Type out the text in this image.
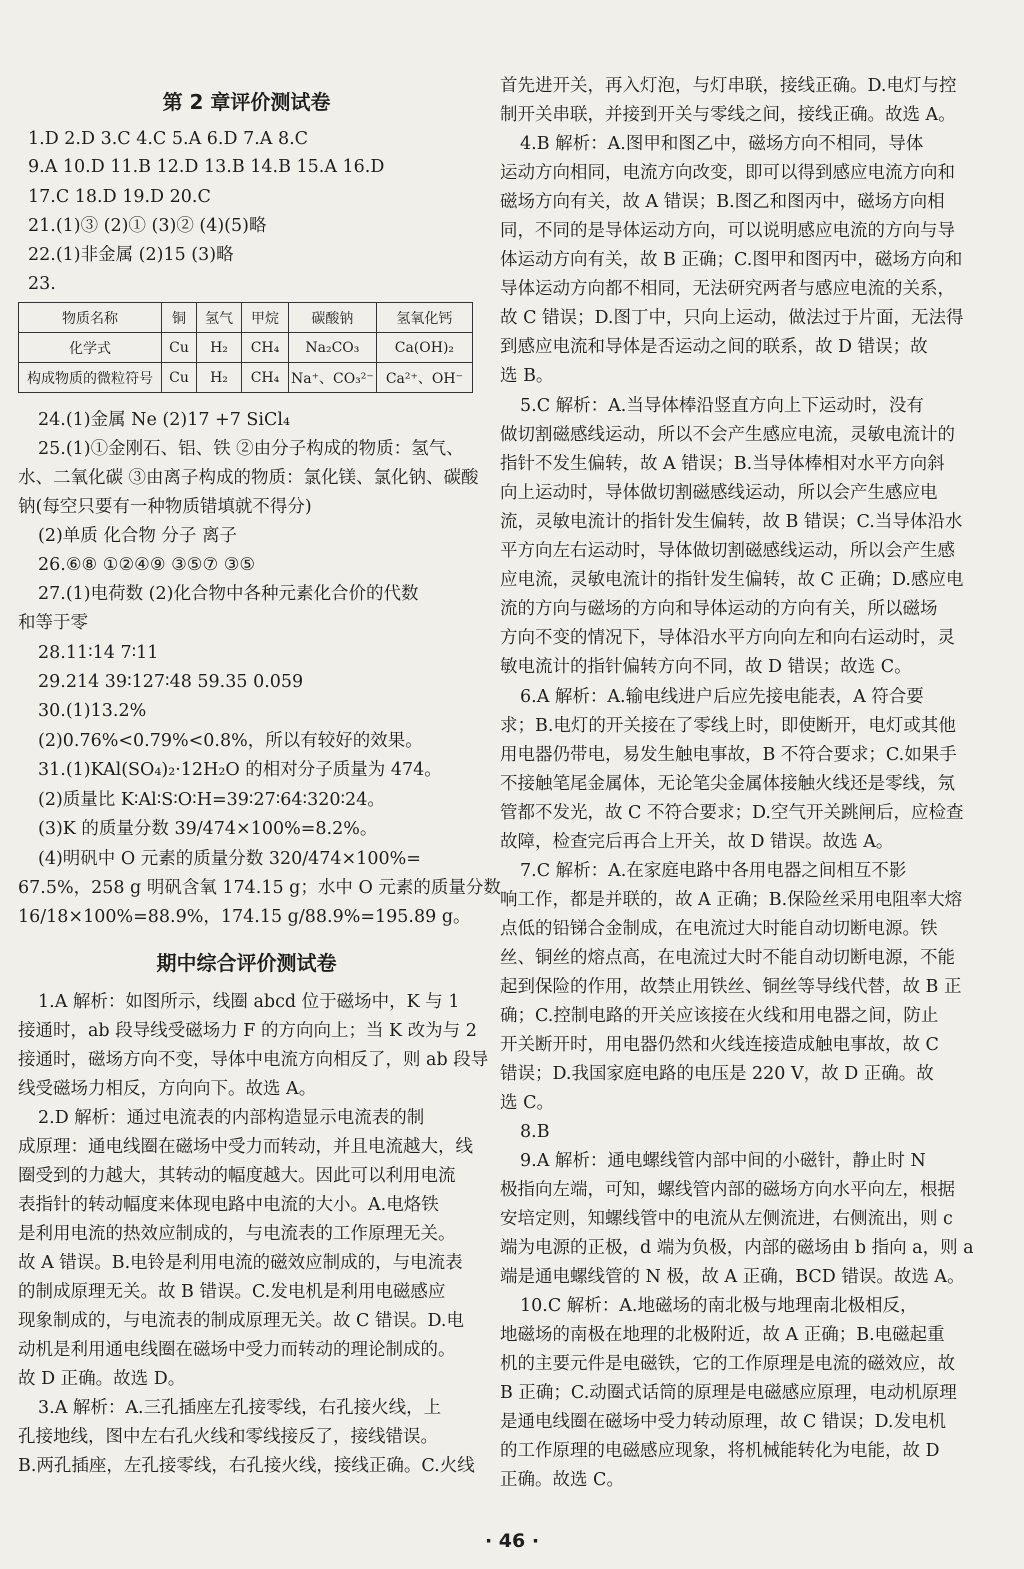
第 2 章评价测试卷
1.D 2.D 3.C 4.C 5.A 6.D 7.A 8.C
9.A 10.D 11.B 12.D 13.B 14.B 15.A 16.D
17.C 18.D 19.D 20.C
21.(1)③ (2)① (3)② (4)(5)略
22.(1)非金属 (2)15 (3)略
23.
物质名称	铜	氢气	甲烷	碳酸钠	氢氧化钙
化学式	Cu	H₂	CH₄	Na₂CO₃	Ca(OH)₂
构成物质的微粒符号	Cu	H₂	CH₄	Na⁺、CO₃²⁻	Ca²⁺、OH⁻
24.(1)金属 Ne (2)17 +7 SiCl₄
25.(1)①金刚石、铝、铁 ②由分子构成的物质：氢气、
水、二氧化碳 ③由离子构成的物质：氯化镁、氯化钠、碳酸
钠(每空只要有一种物质错填就不得分)
(2)单质 化合物 分子 离子
26.⑥⑧ ①②④⑨ ③⑤⑦ ③⑤
27.(1)电荷数 (2)化合物中各种元素化合价的代数
和等于零
28.11∶14 7∶11
29.214 39∶127∶48 59.35 0.059
30.(1)13.2%
(2)0.76%<0.79%<0.8%，所以有较好的效果。
31.(1)KAl(SO₄)₂·12H₂O 的相对分子质量为 474。
(2)质量比 K∶Al∶S∶O∶H=39∶27∶64∶320∶24。
(3)K 的质量分数 39/474×100%=8.2%。
(4)明矾中 O 元素的质量分数 320/474×100%=
67.5%，258 g 明矾含氧 174.15 g；水中 O 元素的质量分数
16/18×100%=88.9%，174.15 g/88.9%=195.89 g。
期中综合评价测试卷
1.A 解析：如图所示，线圈 abcd 位于磁场中，K 与 1
接通时，ab 段导线受磁场力 F 的方向向上；当 K 改为与 2
接通时，磁场方向不变，导体中电流方向相反了，则 ab 段导
线受磁场力相反，方向向下。故选 A。
2.D 解析：通过电流表的内部构造显示电流表的制
成原理：通电线圈在磁场中受力而转动，并且电流越大，线
圈受到的力越大，其转动的幅度越大。因此可以利用电流
表指针的转动幅度来体现电路中电流的大小。A.电烙铁
是利用电流的热效应制成的，与电流表的工作原理无关。
故 A 错误。B.电铃是利用电流的磁效应制成的，与电流表
的制成原理无关。故 B 错误。C.发电机是利用电磁感应
现象制成的，与电流表的制成原理无关。故 C 错误。D.电
动机是利用通电线圈在磁场中受力而转动的理论制成的。
故 D 正确。故选 D。
3.A 解析：A.三孔插座左孔接零线，右孔接火线，上
孔接地线，图中左右孔火线和零线接反了，接线错误。
B.两孔插座，左孔接零线，右孔接火线，接线正确。C.火线
首先进开关，再入灯泡，与灯串联，接线正确。D.电灯与控
制开关串联，并接到开关与零线之间，接线正确。故选 A。
4.B 解析：A.图甲和图乙中，磁场方向不相同，导体
运动方向相同，电流方向改变，即可以得到感应电流方向和
磁场方向有关，故 A 错误；B.图乙和图丙中，磁场方向相
同，不同的是导体运动方向，可以说明感应电流的方向与导
体运动方向有关，故 B 正确；C.图甲和图丙中，磁场方向和
导体运动方向都不相同，无法研究两者与感应电流的关系，
故 C 错误；D.图丁中，只向上运动，做法过于片面，无法得
到感应电流和导体是否运动之间的联系，故 D 错误；故
选 B。
5.C 解析：A.当导体棒沿竖直方向上下运动时，没有
做切割磁感线运动，所以不会产生感应电流，灵敏电流计的
指针不发生偏转，故 A 错误；B.当导体棒相对水平方向斜
向上运动时，导体做切割磁感线运动，所以会产生感应电
流，灵敏电流计的指针发生偏转，故 B 错误；C.当导体沿水
平方向左右运动时，导体做切割磁感线运动，所以会产生感
应电流，灵敏电流计的指针发生偏转，故 C 正确；D.感应电
流的方向与磁场的方向和导体运动的方向有关，所以磁场
方向不变的情况下，导体沿水平方向向左和向右运动时，灵
敏电流计的指针偏转方向不同，故 D 错误；故选 C。
6.A 解析：A.输电线进户后应先接电能表，A 符合要
求；B.电灯的开关接在了零线上时，即使断开，电灯或其他
用电器仍带电，易发生触电事故，B 不符合要求；C.如果手
不接触笔尾金属体，无论笔尖金属体接触火线还是零线，氖
管都不发光，故 C 不符合要求；D.空气开关跳闸后，应检查
故障，检查完后再合上开关，故 D 错误。故选 A。
7.C 解析：A.在家庭电路中各用电器之间相互不影
响工作，都是并联的，故 A 正确；B.保险丝采用电阻率大熔
点低的铅锑合金制成，在电流过大时能自动切断电源。铁
丝、铜丝的熔点高，在电流过大时不能自动切断电源，不能
起到保险的作用，故禁止用铁丝、铜丝等导线代替，故 B 正
确；C.控制电路的开关应该接在火线和用电器之间，防止
开关断开时，用电器仍然和火线连接造成触电事故，故 C
错误；D.我国家庭电路的电压是 220 V，故 D 正确。故
选 C。
8.B
9.A 解析：通电螺线管内部中间的小磁针，静止时 N
极指向左端，可知，螺线管内部的磁场方向水平向左，根据
安培定则，知螺线管中的电流从左侧流进，右侧流出，则 c
端为电源的正极，d 端为负极，内部的磁场由 b 指向 a，则 a
端是通电螺线管的 N 极，故 A 正确，BCD 错误。故选 A。
10.C 解析：A.地磁场的南北极与地理南北极相反，
地磁场的南极在地理的北极附近，故 A 正确；B.电磁起重
机的主要元件是电磁铁，它的工作原理是电流的磁效应，故
B 正确；C.动圈式话筒的原理是电磁感应原理，电动机原理
是通电线圈在磁场中受力转动原理，故 C 错误；D.发电机
的工作原理的电磁感应现象，将机械能转化为电能，故 D
正确。故选 C。
· 46 ·
